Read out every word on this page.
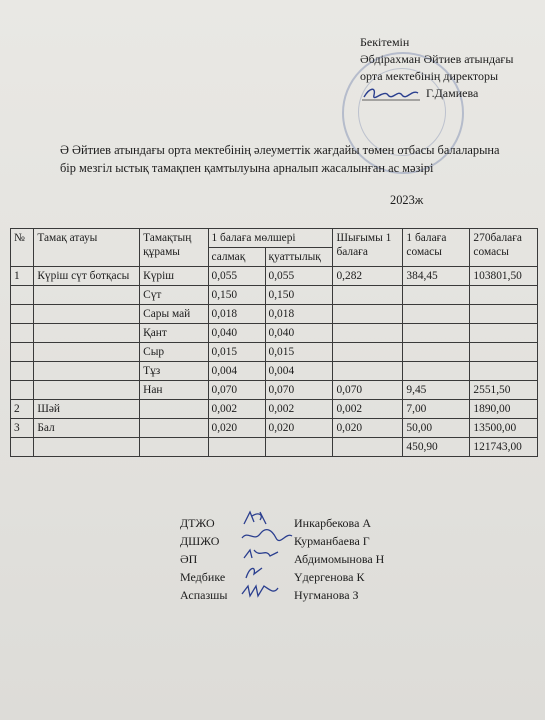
Бекітемін
Әбдірахман Әйтиев атындағы
орта мектебінің директоры
Г.Дамиева
Ә Әйтиев атындағы орта мектебінің әлеуметтік жағдайы төмен отбасы балаларына бір мезгіл ыстық тамақпен қамтылуына арналып жасалынған ас мәзірі
2023ж
№	Тамақ атауы	Тамақтың құрамы	1 балаға мөлшері		Шығымы 1 балаға	1 балаға сомасы	270балаға сомасы
			салмақ	қуаттылық			
1	Күріш сүт ботқасы	Күріш	0,055	0,055	0,282	384,45	103801,50
		Сүт	0,150	0,150			
		Сары май	0,018	0,018			
		Қант	0,040	0,040			
		Сыр	0,015	0,015			
		Тұз	0,004	0,004			
		Нан	0,070	0,070	0,070	9,45	2551,50
2	Шәй		0,002	0,002	0,002	7,00	1890,00
3	Бал		0,020	0,020	0,020	50,00	13500,00
						450,90	121743,00
ДТЖО	Инкарбекова А
ДШЖО	Курманбаева Г
ӘП	Абдимомынова Н
Медбике	Үдергенова К
Аспазшы	Нугманова З
